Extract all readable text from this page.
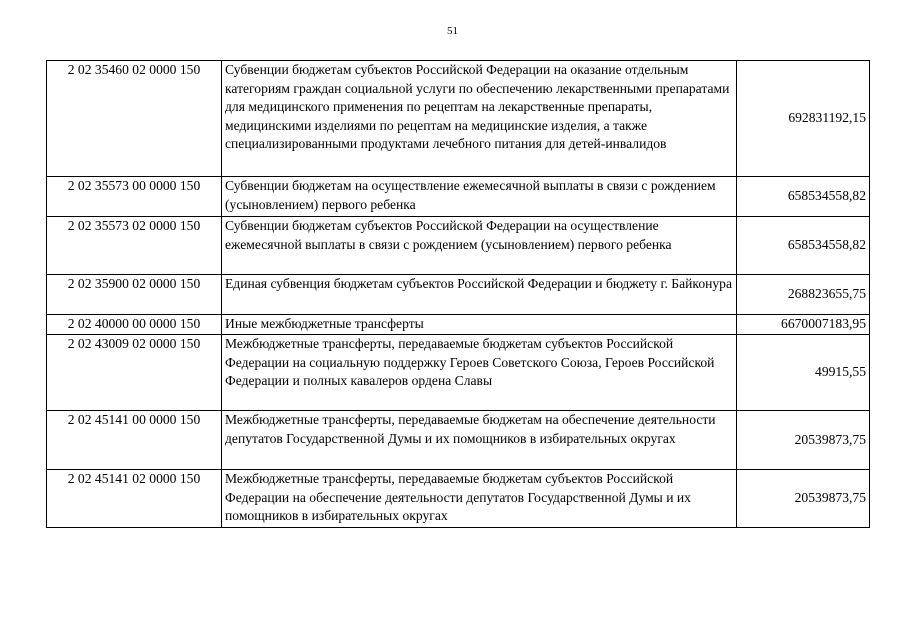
51
2 02 35460 02 0000 150	Субвенции бюджетам субъектов Российской Федерации на оказание отдельным категориям граждан социальной услуги по обеспечению лекарственными препаратами для медицинского применения по рецептам на лекарственные препараты, медицинскими изделиями по рецептам на медицинские изделия, а также специализированными продуктами лечебного питания для детей-инвалидов	692831192,15
2 02 35573 00 0000 150	Субвенции бюджетам на осуществление ежемесячной выплаты в связи с рождением (усыновлением) первого ребенка	658534558,82
2 02 35573 02 0000 150	Субвенции бюджетам субъектов Российской Федерации на осуществление ежемесячной выплаты в связи с рождением (усыновлением) первого ребенка	658534558,82
2 02 35900 02 0000 150	Единая субвенция бюджетам субъектов Российской Федерации и бюджету г. Байконура	268823655,75
2 02 40000 00 0000 150	Иные межбюджетные трансферты	6670007183,95
2 02 43009 02 0000 150	Межбюджетные трансферты, передаваемые бюджетам субъектов Российской Федерации на социальную поддержку Героев Советского Союза, Героев Российской Федерации и полных кавалеров ордена Славы	49915,55
2 02 45141 00 0000 150	Межбюджетные трансферты, передаваемые бюджетам на обеспечение деятельности депутатов Государственной Думы и их помощников в избирательных округах	20539873,75
2 02 45141 02 0000 150	Межбюджетные трансферты, передаваемые бюджетам субъектов Российской Федерации на обеспечение деятельности депутатов Государственной Думы и их помощников в избирательных округах	20539873,75
